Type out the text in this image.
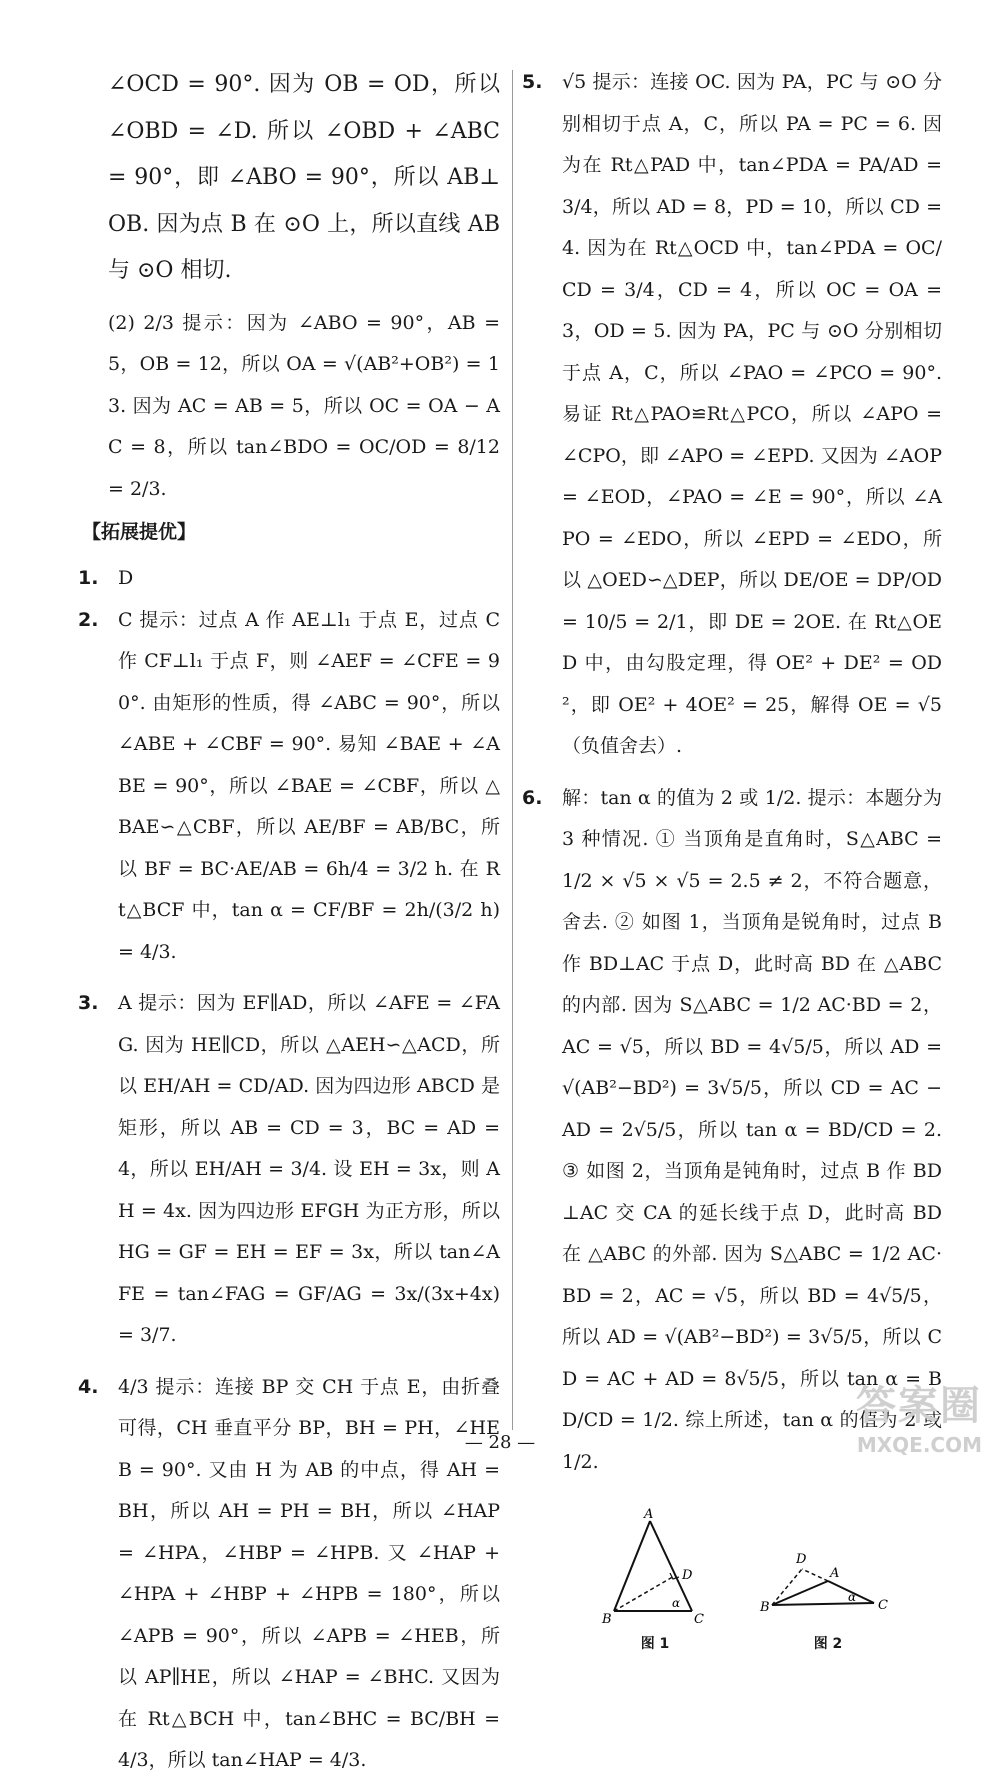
∠OCD = 90°. 因为 OB = OD，所以 ∠OBD = ∠D. 所以 ∠OBD + ∠ABC = 90°，即 ∠ABO = 90°，所以 AB⊥OB. 因为点 B 在 ⊙O 上，所以直线 AB 与 ⊙O 相切.

(2) 2/3 提示：因为 ∠ABO = 90°，AB = 5，OB = 12，所以 OA = √(AB²+OB²) = 13. 因为 AC = AB = 5，所以 OC = OA − AC = 8，所以 tan∠BDO = OC/OD = 8/12 = 2/3.

【拓展提优】
1.	D

2.	C 提示：过点 A 作 AE⊥l₁ 于点 E，过点 C 作 CF⊥l₁ 于点 F，则 ∠AEF = ∠CFE = 90°. 由矩形的性质，得 ∠ABC = 90°，所以 ∠ABE + ∠CBF = 90°. 易知 ∠BAE + ∠ABE = 90°，所以 ∠BAE = ∠CBF，所以 △BAE∽△CBF，所以 AE/BF = AB/BC，所以 BF = BC·AE/AB = 6h/4 = 3/2 h. 在 Rt△BCF 中，tan α = CF/BF = 2h/(3/2 h) = 4/3.

3.	A 提示：因为 EF∥AD，所以 ∠AFE = ∠FAG. 因为 HE∥CD，所以 △AEH∽△ACD，所以 EH/AH = CD/AD. 因为四边形 ABCD 是矩形，所以 AB = CD = 3，BC = AD = 4，所以 EH/AH = 3/4. 设 EH = 3x，则 AH = 4x. 因为四边形 EFGH 为正方形，所以 HG = GF = EH = EF = 3x，所以 tan∠AFE = tan∠FAG = GF/AG = 3x/(3x+4x) = 3/7.

4.	4/3 提示：连接 BP 交 CH 于点 E，由折叠可得，CH 垂直平分 BP，BH = PH，∠HEB = 90°. 又由 H 为 AB 的中点，得 AH = BH，所以 AH = PH = BH，所以 ∠HAP = ∠HPA，∠HBP = ∠HPB. 又 ∠HAP + ∠HPA + ∠HBP + ∠HPB = 180°，所以 ∠APB = 90°，所以 ∠APB = ∠HEB，所以 AP∥HE，所以 ∠HAP = ∠BHC. 又因为在 Rt△BCH 中，tan∠BHC = BC/BH = 4/3，所以 tan∠HAP = 4/3.

5.	√5 提示：连接 OC. 因为 PA，PC 与 ⊙O 分别相切于点 A，C，所以 PA = PC = 6. 因为在 Rt△PAD 中，tan∠PDA = PA/AD = 3/4，所以 AD = 8，PD = 10，所以 CD = 4. 因为在 Rt△OCD 中，tan∠PDA = OC/CD = 3/4，CD = 4，所以 OC = OA = 3，OD = 5. 因为 PA，PC 与 ⊙O 分别相切于点 A，C，所以 ∠PAO = ∠PCO = 90°. 易证 Rt△PAO≌Rt△PCO，所以 ∠APO = ∠CPO，即 ∠APO = ∠EPD. 又因为 ∠AOP = ∠EOD，∠PAO = ∠E = 90°，所以 ∠APO = ∠EDO，所以 ∠EPD = ∠EDO，所以 △OED∽△DEP，所以 DE/OE = DP/OD = 10/5 = 2/1，即 DE = 2OE. 在 Rt△OED 中，由勾股定理，得 OE² + DE² = OD²，即 OE² + 4OE² = 25，解得 OE = √5（负值舍去）.

6.	解：tan α 的值为 2 或 1/2. 提示：本题分为 3 种情况. ① 当顶角是直角时，S△ABC = 1/2 × √5 × √5 = 2.5 ≠ 2，不符合题意，舍去. ② 如图 1，当顶角是锐角时，过点 B 作 BD⊥AC 于点 D，此时高 BD 在 △ABC 的内部. 因为 S△ABC = 1/2 AC·BD = 2，AC = √5，所以 BD = 4√5/5，所以 AD = √(AB²−BD²) = 3√5/5，所以 CD = AC − AD = 2√5/5，所以 tan α = BD/CD = 2. ③ 如图 2，当顶角是钝角时，过点 B 作 BD⊥AC 交 CA 的延长线于点 D，此时高 BD 在 △ABC 的外部. 因为 S△ABC = 1/2 AC·BD = 2，AC = √5，所以 BD = 4√5/5，所以 AD = √(AB²−BD²) = 3√5/5，所以 CD = AC + AD = 8√5/5，所以 tan α = BD/CD = 1/2. 综上所述，tan α 的值为 2 或 1/2.

A
B	C
D
α
图 1
D
A
B	C
α
图 2
— 28 —
答案圈
MXQE.COM
